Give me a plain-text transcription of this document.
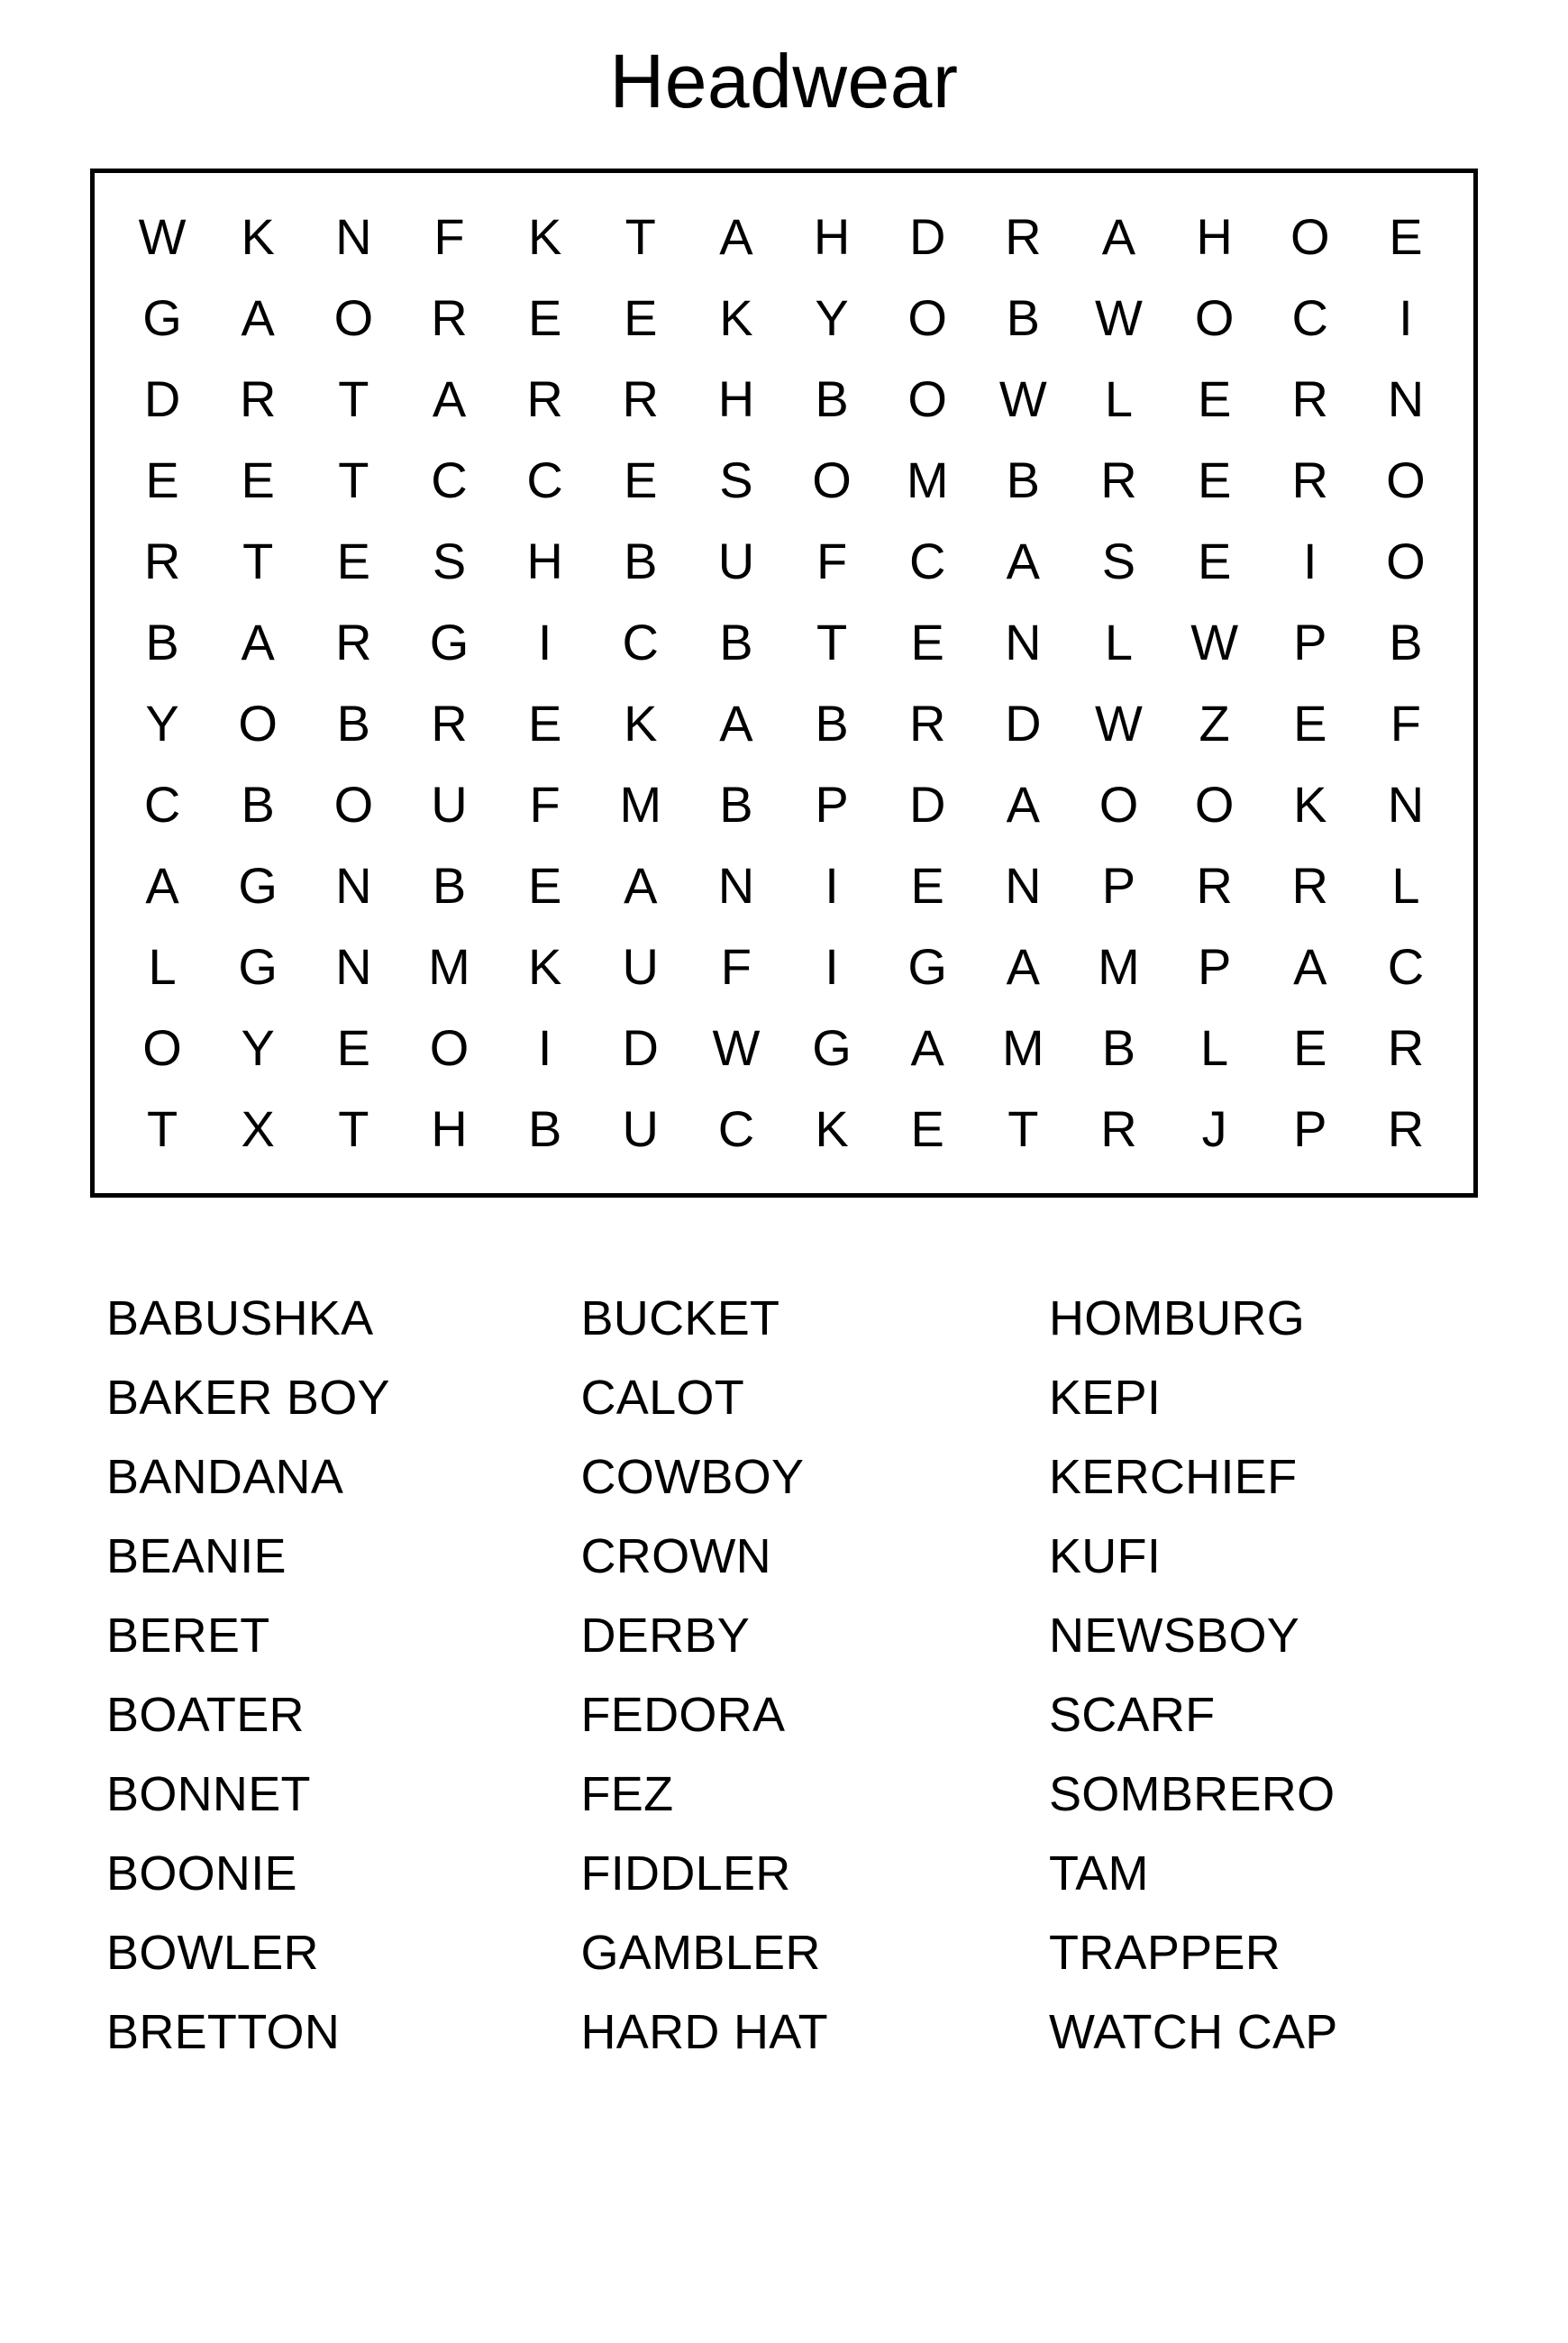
Headwear
W	K	N	F	K	T	A	H	D	R	A	H	O	E
G	A	O	R	E	E	K	Y	O	B	W	O	C	I
D	R	T	A	R	R	H	B	O	W	L	E	R	N
E	E	T	C	C	E	S	O	M	B	R	E	R	O
R	T	E	S	H	B	U	F	C	A	S	E	I	O
B	A	R	G	I	C	B	T	E	N	L	W	P	B
Y	O	B	R	E	K	A	B	R	D	W	Z	E	F
C	B	O	U	F	M	B	P	D	A	O	O	K	N
A	G	N	B	E	A	N	I	E	N	P	R	R	L
L	G	N	M	K	U	F	I	G	A	M	P	A	C
O	Y	E	O	I	D	W	G	A	M	B	L	E	R
T	X	T	H	B	U	C	K	E	T	R	J	P	R
BABUSHKA
BAKER BOY
BANDANA
BEANIE
BERET
BOATER
BONNET
BOONIE
BOWLER
BRETTON
BUCKET
CALOT
COWBOY
CROWN
DERBY
FEDORA
FEZ
FIDDLER
GAMBLER
HARD HAT
HOMBURG
KEPI
KERCHIEF
KUFI
NEWSBOY
SCARF
SOMBRERO
TAM
TRAPPER
WATCH CAP
